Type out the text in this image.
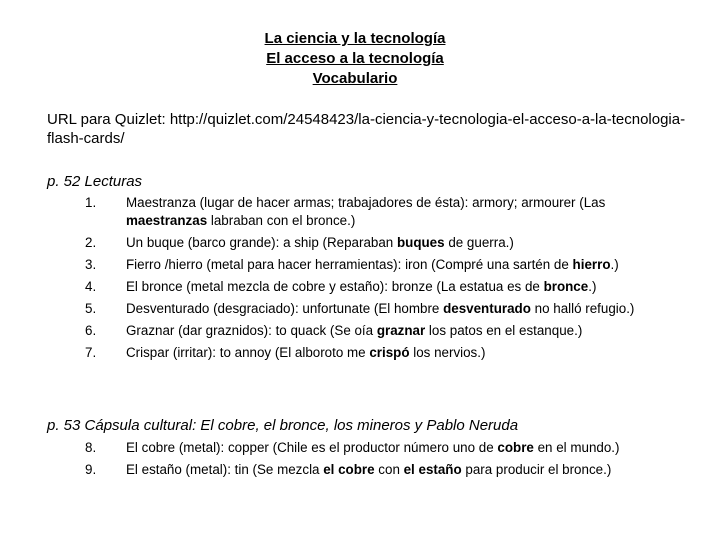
La ciencia y la tecnología
El acceso a la tecnología
Vocabulario
URL para Quizlet: http://quizlet.com/24548423/la-ciencia-y-tecnologia-el-acceso-a-la-tecnologia-flash-cards/
p. 52 Lecturas
1.	Maestranza (lugar de hacer armas; trabajadores de ésta): armory; armourer (Las maestranzas labraban con el bronce.)
2.	Un buque (barco grande): a ship (Reparaban buques de guerra.)
3.	Fierro /hierro (metal para hacer herramientas): iron (Compré una sartén de hierro.)
4.	El bronce (metal mezcla de cobre y estaño): bronze (La estatua es de bronce.)
5.	Desventurado (desgraciado): unfortunate (El hombre desventurado no halló refugio.)
6.	Graznar (dar graznidos): to quack (Se oía graznar los patos en el estanque.)
7.	Crispar (irritar): to annoy (El alboroto me crispó los nervios.)
p. 53 Cápsula cultural: El cobre, el bronce, los mineros y Pablo Neruda
8.	El cobre (metal): copper (Chile es el productor número uno de cobre en el mundo.)
9.	El estaño (metal): tin (Se mezcla el cobre con el estaño para producir el bronce.)
